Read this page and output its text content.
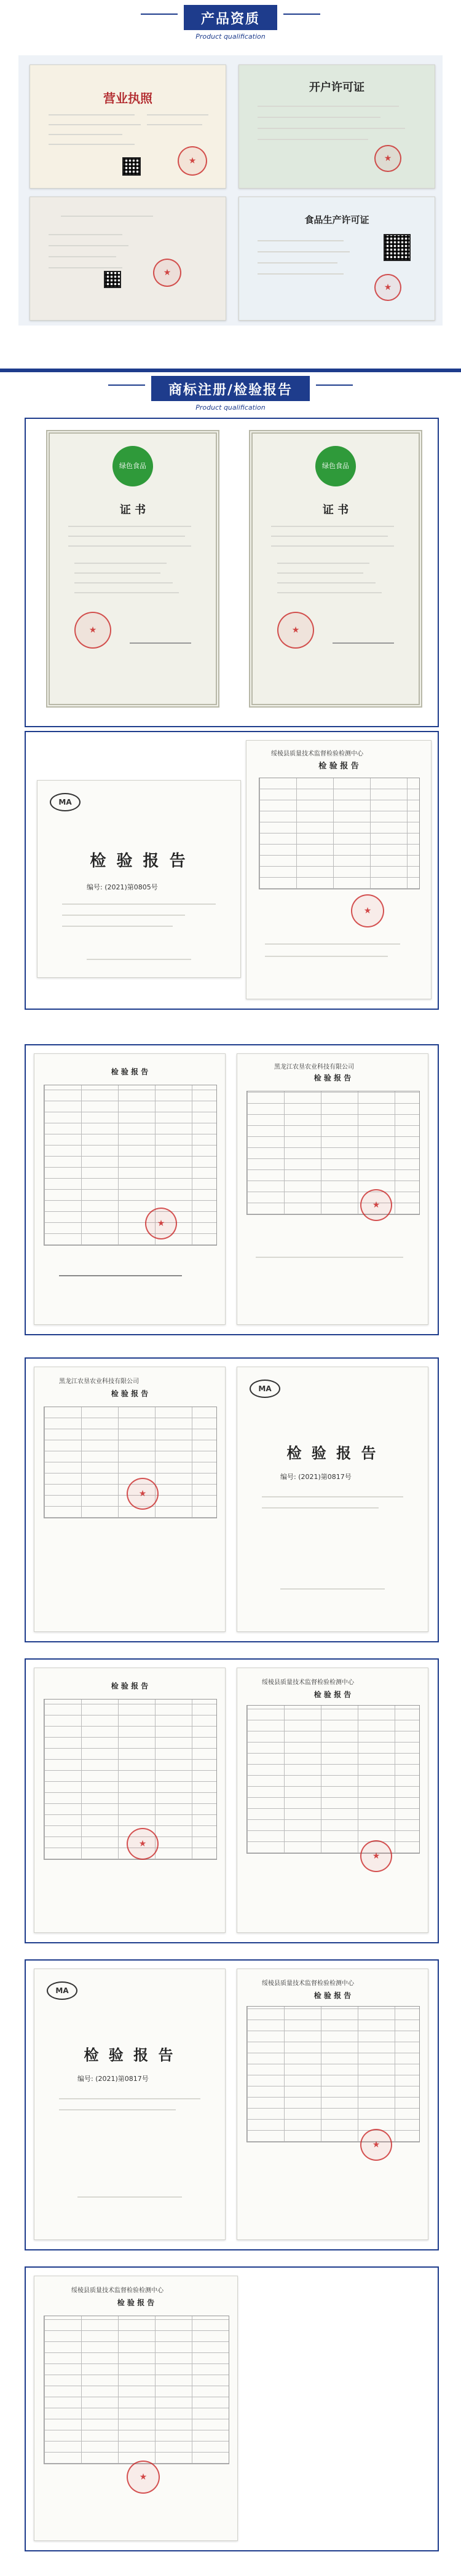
产品资质
Product qualification
营业执照
★
开户许可证
★
★
食品生产许可证
★
商标注册/检验报告
Product qualification
绿色食品
证 书
★
绿色食品
证 书
★
MA
检 验 报 告
编号: (2021)第0805号
绥棱县质量技术监督检验检测中心
检 验 报 告
★
检 验 报 告
★
黑龙江农垦农业科技有限公司
检 验 报 告
★
黑龙江农垦农业科技有限公司
检 验 报 告
★
MA
检 验 报 告
编号: (2021)第0817号
检 验 报 告
★	绥棱县质量技术监督检验检测中心
检 验 报 告
★
MA
检 验 报 告
编号: (2021)第0817号
绥棱县质量技术监督检验检测中心
检 验 报 告
★
绥棱县质量技术监督检验检测中心
检 验 报 告
★
